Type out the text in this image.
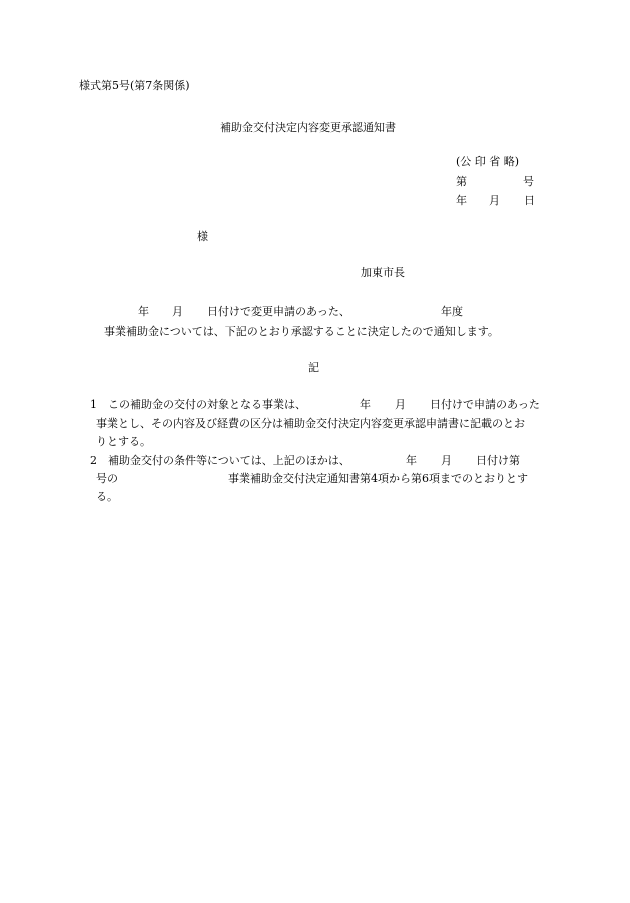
様式第5号(第7条関係)
補助金交付決定内容変更承認通知書
(公 印 省 略)
第	号
年 月 日
様
加東市長
年 月 日付けで変更申請のあった、	年度
事業補助金については、下記のとおり承認することに決定したので通知します。
記
1 この補助金の交付の対象となる事業は、	年 月 日付けで申請のあった
事業とし、その内容及び経費の区分は補助金交付決定内容変更承認申請書に記載のとお
りとする。
2 補助金交付の条件等については、上記のほかは、	年 月 日付け第
号の	事業補助金交付決定通知書第4項から第6項までのとおりとす
る。
